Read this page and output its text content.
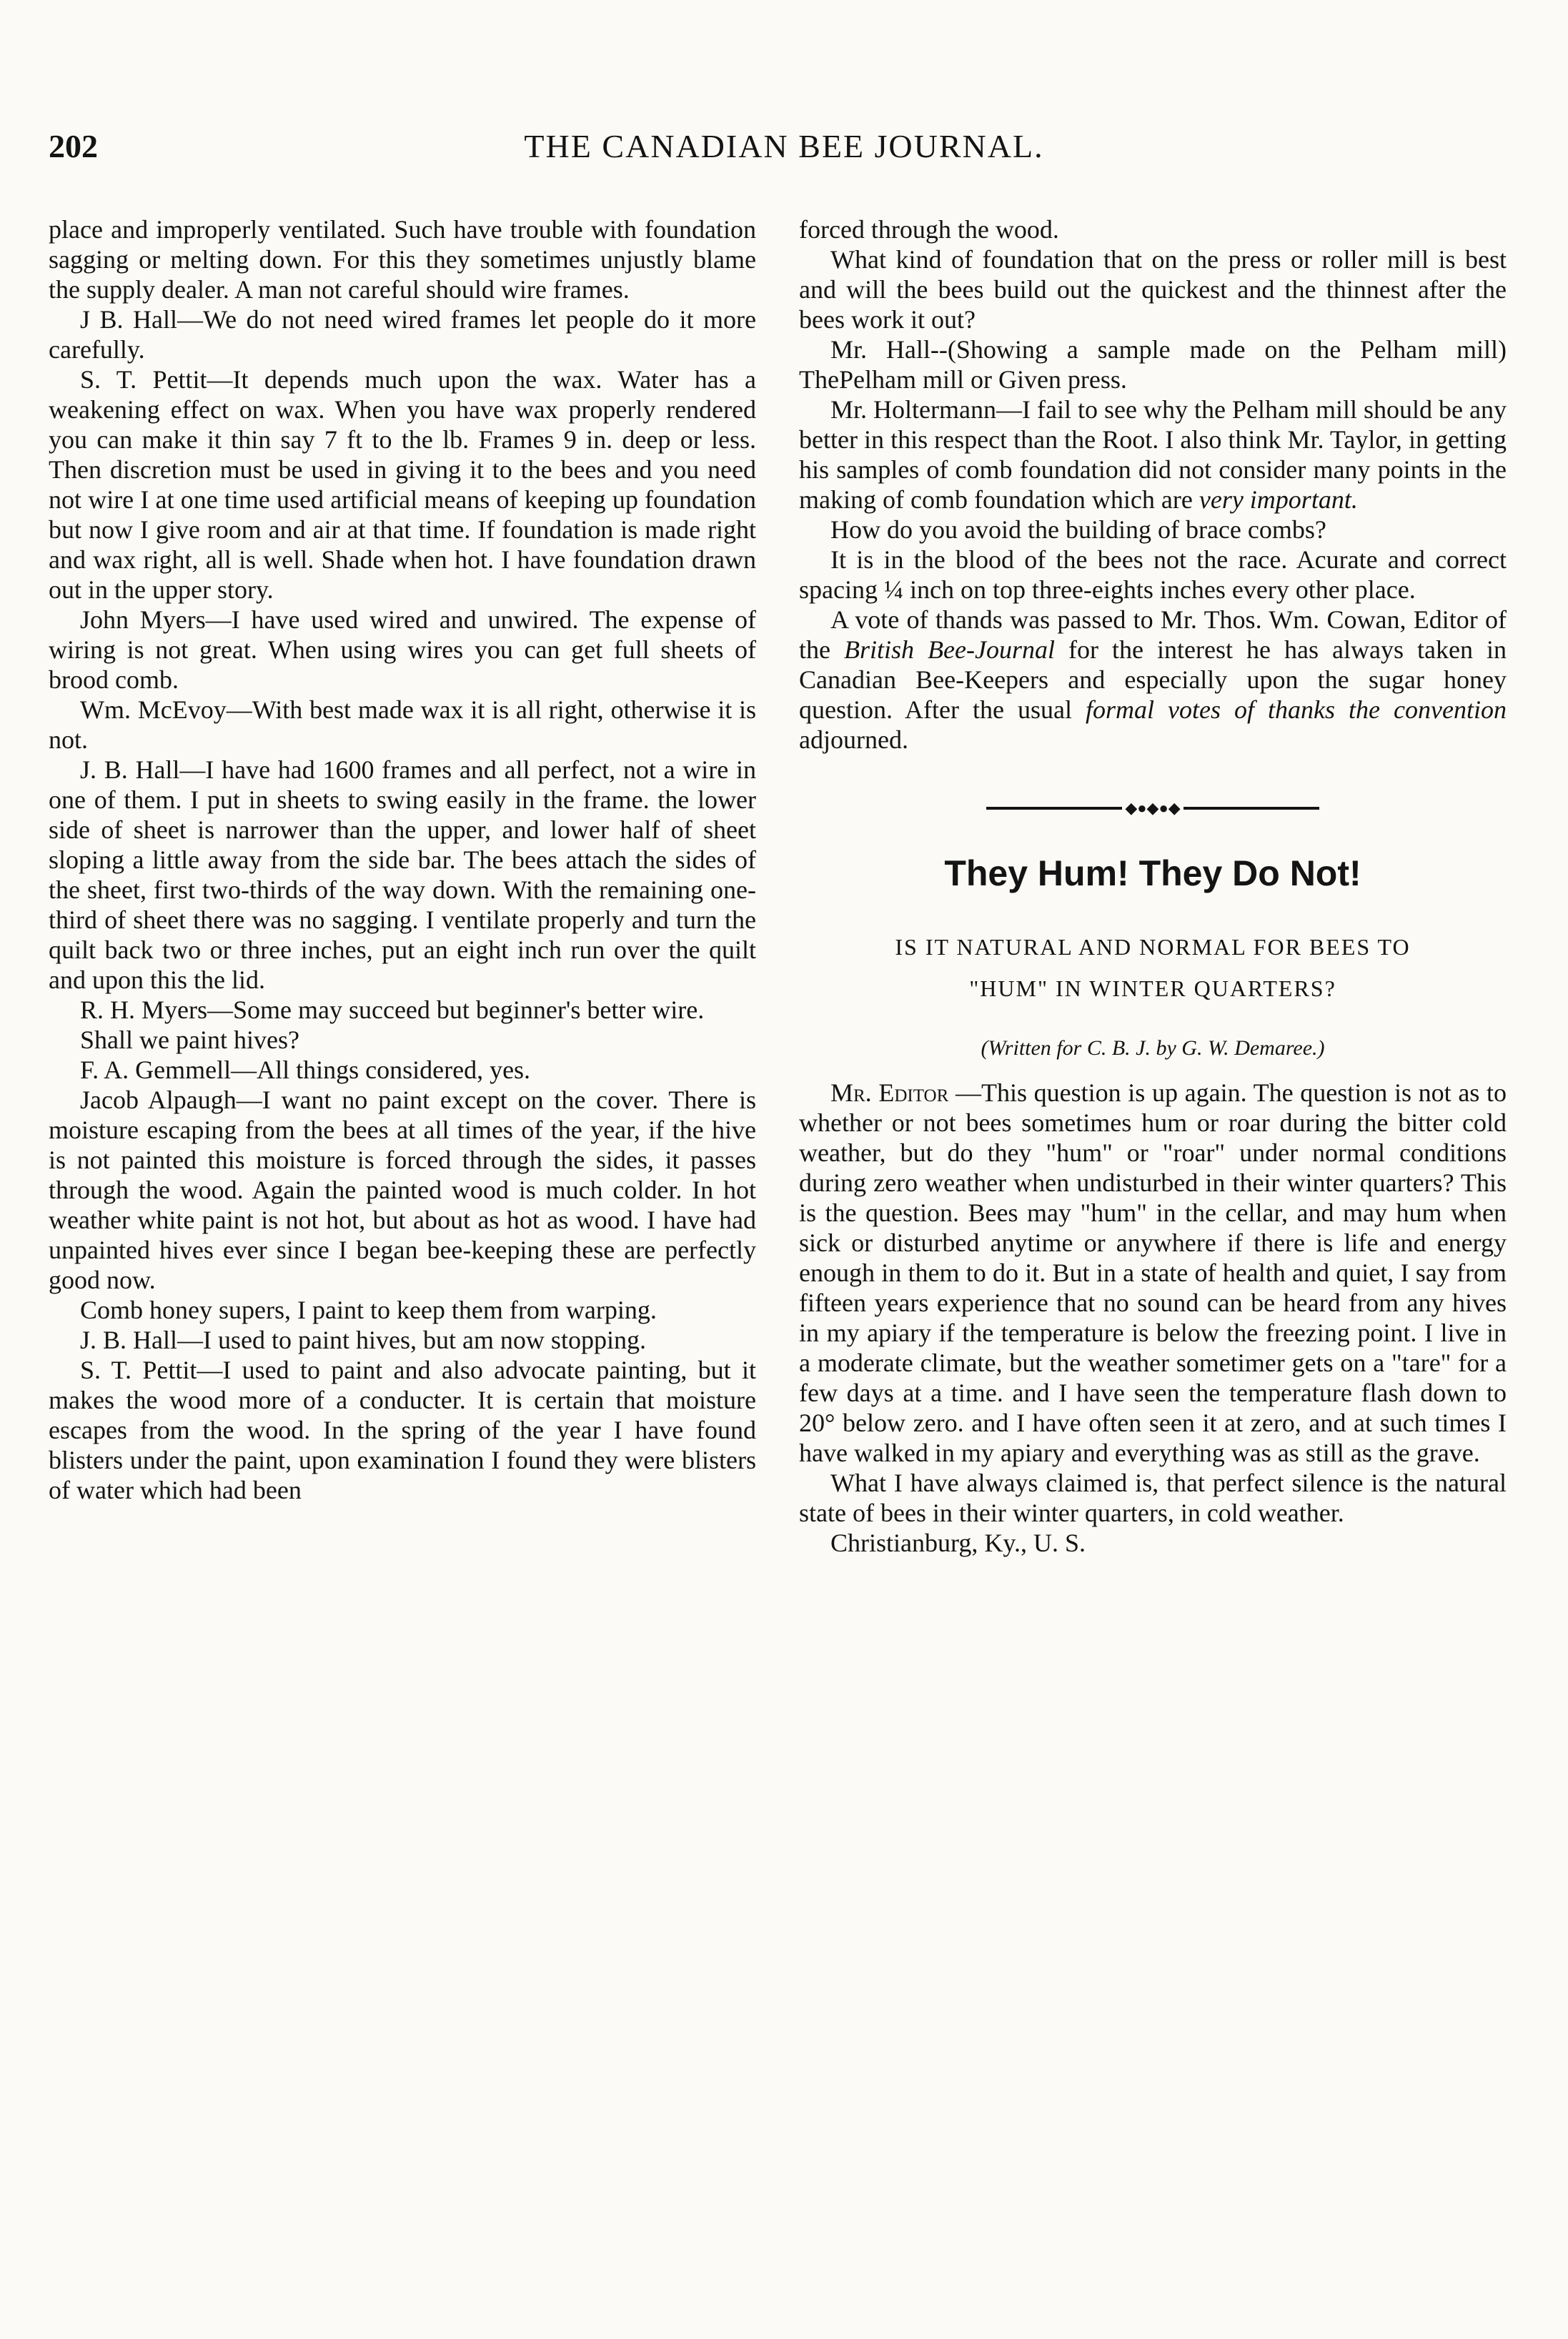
202	THE CANADIAN BEE JOURNAL.

place and improperly ventilated. Such have trouble with foundation sagging or melting down. For this they sometimes unjustly blame the supply dealer. A man not careful should wire frames.

J B. Hall—We do not need wired frames let people do it more carefully.

S. T. Pettit—It depends much upon the wax. Water has a weakening effect on wax. When you have wax properly rendered you can make it thin say 7 ft to the lb. Frames 9 in. deep or less. Then discretion must be used in giving it to the bees and you need not wire I at one time used artificial means of keeping up foundation but now I give room and air at that time. If foundation is made right and wax right, all is well. Shade when hot. I have foundation drawn out in the upper story.

John Myers—I have used wired and unwired. The expense of wiring is not great. When using wires you can get full sheets of brood comb.

Wm. McEvoy—With best made wax it is all right, otherwise it is not.

J. B. Hall—I have had 1600 frames and all perfect, not a wire in one of them. I put in sheets to swing easily in the frame. the lower side of sheet is narrower than the upper, and lower half of sheet sloping a little away from the side bar. The bees attach the sides of the sheet, first two-thirds of the way down. With the remaining one-third of sheet there was no sagging. I ventilate properly and turn the quilt back two or three inches, put an eight inch run over the quilt and upon this the lid.

R. H. Myers—Some may succeed but beginner's better wire.

Shall we paint hives?

F. A. Gemmell—All things considered, yes.

Jacob Alpaugh—I want no paint except on the cover. There is moisture escaping from the bees at all times of the year, if the hive is not painted this moisture is forced through the sides, it passes through the wood. Again the painted wood is much colder. In hot weather white paint is not hot, but about as hot as wood. I have had unpainted hives ever since I began bee-keeping these are perfectly good now.

Comb honey supers, I paint to keep them from warping.

J. B. Hall—I used to paint hives, but am now stopping.

S. T. Pettit—I used to paint and also advocate painting, but it makes the wood more of a conducter. It is certain that moisture escapes from the wood. In the spring of the year I have found blisters under the paint, upon examination I found they were blisters of water which had been

forced through the wood.

What kind of foundation that on the press or roller mill is best and will the bees build out the quickest and the thinnest after the bees work it out?

Mr. Hall--(Showing a sample made on the Pelham mill) ThePelham mill or Given press.

Mr. Holtermann—I fail to see why the Pelham mill should be any better in this respect than the Root. I also think Mr. Taylor, in getting his samples of comb foundation did not consider many points in the making of comb foundation which are very important.

How do you avoid the building of brace combs?

It is in the blood of the bees not the race. Acurate and correct spacing ¼ inch on top three-eights inches every other place.

A vote of thands was passed to Mr. Thos. Wm. Cowan, Editor of the British Bee-Journal for the interest he has always taken in Canadian Bee-Keepers and especially upon the sugar honey question. After the usual formal votes of thanks the convention adjourned.

◆●◆●◆
They Hum! They Do Not!
IS IT NATURAL AND NORMAL FOR BEES TO
"HUM" IN WINTER QUARTERS?
(Written for C. B. J. by G. W. Demaree.)

Mr. Editor —This question is up again. The question is not as to whether or not bees sometimes hum or roar during the bitter cold weather, but do they "hum" or "roar" under normal conditions during zero weather when undisturbed in their winter quarters? This is the question. Bees may "hum" in the cellar, and may hum when sick or disturbed anytime or anywhere if there is life and energy enough in them to do it. But in a state of health and quiet, I say from fifteen years experience that no sound can be heard from any hives in my apiary if the temperature is below the freezing point. I live in a moderate climate, but the weather sometimer gets on a "tare" for a few days at a time. and I have seen the temperature flash down to 20° below zero. and I have often seen it at zero, and at such times I have walked in my apiary and everything was as still as the grave.

What I have always claimed is, that perfect silence is the natural state of bees in their winter quarters, in cold weather.

Christianburg, Ky., U. S.
